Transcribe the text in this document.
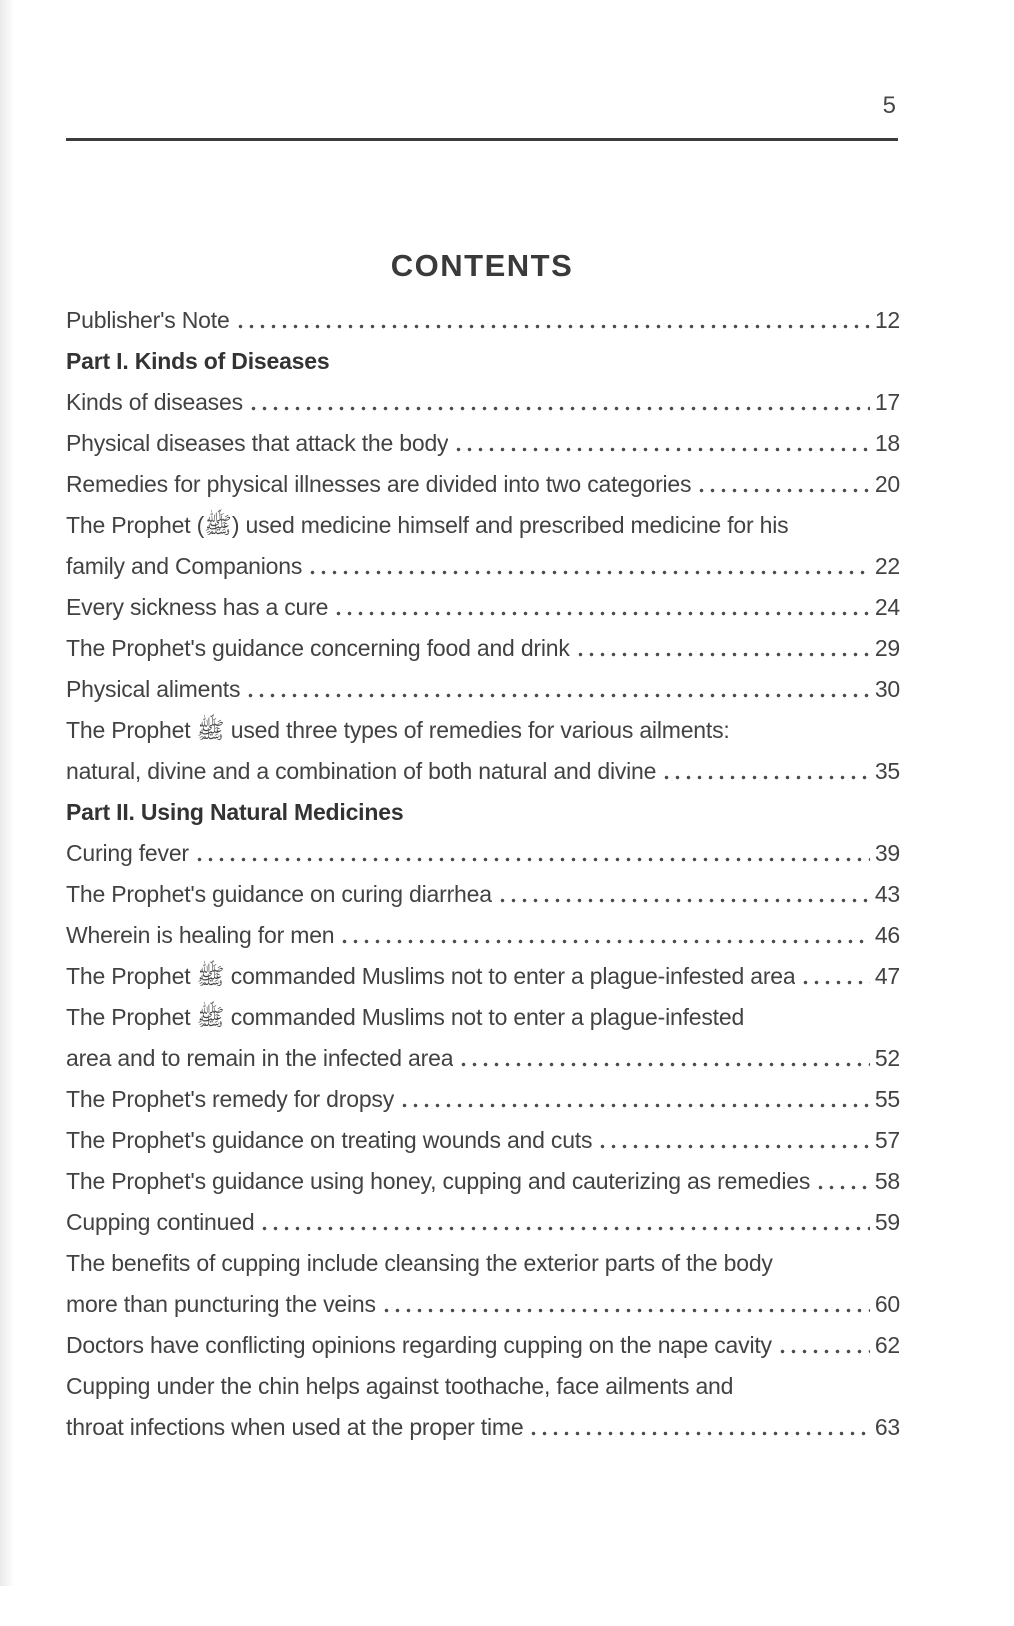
5
CONTENTS
Publisher's Note	12
Part I. Kinds of Diseases
Kinds of diseases	17
Physical diseases that attack the body	18
Remedies for physical illnesses are divided into two categories	20
The Prophet (ﷺ) used medicine himself and prescribed medicine for his
family and Companions	22
Every sickness has a cure	24
The Prophet's guidance concerning food and drink	29
Physical aliments	30
The Prophet ﷺ used three types of remedies for various ailments:
natural, divine and a combination of both natural and divine	35
Part II. Using Natural Medicines
Curing fever	39
The Prophet's guidance on curing diarrhea	43
Wherein is healing for men	46
The Prophet ﷺ commanded Muslims not to enter a plague-infested area	47
The Prophet ﷺ commanded Muslims not to enter a plague-infested
area and to remain in the infected area	52
The Prophet's remedy for dropsy	55
The Prophet's guidance on treating wounds and cuts	57
The Prophet's guidance using honey, cupping and cauterizing as remedies	58
Cupping continued	59
The benefits of cupping include cleansing the exterior parts of the body
more than puncturing the veins	60
Doctors have conflicting opinions regarding cupping on the nape cavity	62
Cupping under the chin helps against toothache, face ailments and
throat infections when used at the proper time	63
